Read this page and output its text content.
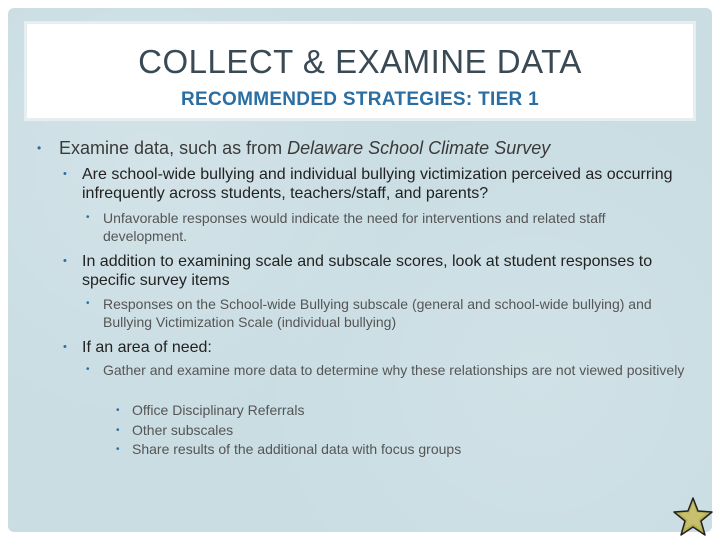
COLLECT & EXAMINE DATA
RECOMMENDED STRATEGIES: TIER 1
• Examine data, such as from Delaware School Climate Survey
• Are school-wide bullying and individual bullying victimization perceived as occurring infrequently across students, teachers/staff, and parents?
• Unfavorable responses would indicate the need for interventions and related staff development.
• In addition to examining scale and subscale scores, look at student responses to specific survey items
• Responses on the School-wide Bullying subscale (general and school-wide bullying) and Bullying Victimization Scale (individual bullying)
• If an area of need:
• Gather and examine more data to determine why these relationships are not viewed positively
• Office Disciplinary Referrals
• Other subscales
• Share results of the additional data with focus groups
